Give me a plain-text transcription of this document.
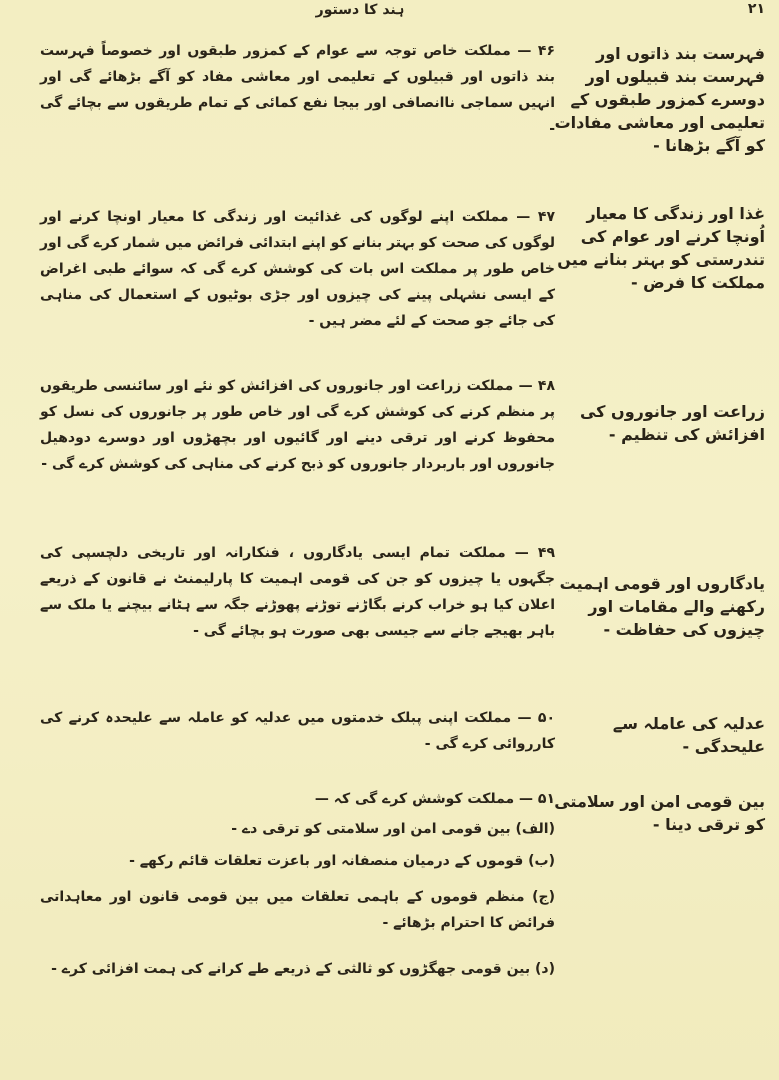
ہند کا دستور	۲۱
فہرست بند ذاتوں اور فہرست بند قبیلوں اور دوسرے کمزور طبقوں کے تعلیمی اور معاشی مفادات کو آگے بڑھانا -
غذا اور زندگی کا معیار اُونچا کرنے اور عوام کی تندرستی کو بہتر بنانے میں مملکت کا فرض -
زراعت اور جانوروں کی افزائش کی تنظیم -
یادگاروں اور قومی اہمیت رکھنے والے مقامات اور چیزوں کی حفاظت -
عدلیہ کی عاملہ سے علیحدگی -
بین قومی امن اور سلامتی کو ترقی دینا -
۴۶ — مملکت خاص توجہ سے عوام کے کمزور طبقوں اور خصوصاً فہرست بند ذاتوں اور قبیلوں کے تعلیمی اور معاشی مفاد کو آگے بڑھائے گی اور انہیں سماجی ناانصافی اور بیجا نفع کمائی کے تمام طریقوں سے بچائے گی -
۴۷ — مملکت اپنے لوگوں کی غذائیت اور زندگی کا معیار اونچا کرنے اور لوگوں کی صحت کو بہتر بنانے کو اپنے ابتدائی فرائض میں شمار کرے گی اور خاص طور پر مملکت اس بات کی کوشش کرے گی کہ سوائے طبی اغراض کے ایسی نشہلی پینے کی چیزوں اور جڑی بوٹیوں کے استعمال کی مناہی کی جائے جو صحت کے لئے مضر ہیں -
۴۸ — مملکت زراعت اور جانوروں کی افزائش کو نئے اور سائنسی طریقوں پر منظم کرنے کی کوشش کرے گی اور خاص طور پر جانوروں کی نسل کو محفوظ کرنے اور ترقی دینے اور گائیوں اور بچھڑوں اور دوسرے دودھیل جانوروں اور باربردار جانوروں کو ذبح کرنے کی مناہی کی کوشش کرے گی -
۴۹ — مملکت تمام ایسی یادگاروں ، فنکارانہ اور تاریخی دلچسپی کی جگہوں یا چیزوں کو جن کی قومی اہمیت کا پارلیمنٹ نے قانون کے ذریعے اعلان کیا ہو خراب کرنے بگاڑنے توڑنے پھوڑنے جگہ سے ہٹانے بیچنے یا ملک سے باہر بھیجے جانے سے جیسی بھی صورت ہو بچائے گی -
۵۰ — مملکت اپنی پبلک خدمتوں میں عدلیہ کو عاملہ سے علیحدہ کرنے کی کارروائی کرے گی -
۵۱ — مملکت کوشش کرے گی کہ —
(الف) بین قومی امن اور سلامتی کو ترقی دے -
(ب) قوموں کے درمیان منصفانہ اور باعزت تعلقات قائم رکھے -
(ج) منظم قوموں کے باہمی تعلقات میں بین قومی قانون اور معاہداتی فرائض کا احترام بڑھائے -
(د) بین قومی جھگڑوں کو ثالثی کے ذریعے طے کرانے کی ہمت افزائی کرے -
